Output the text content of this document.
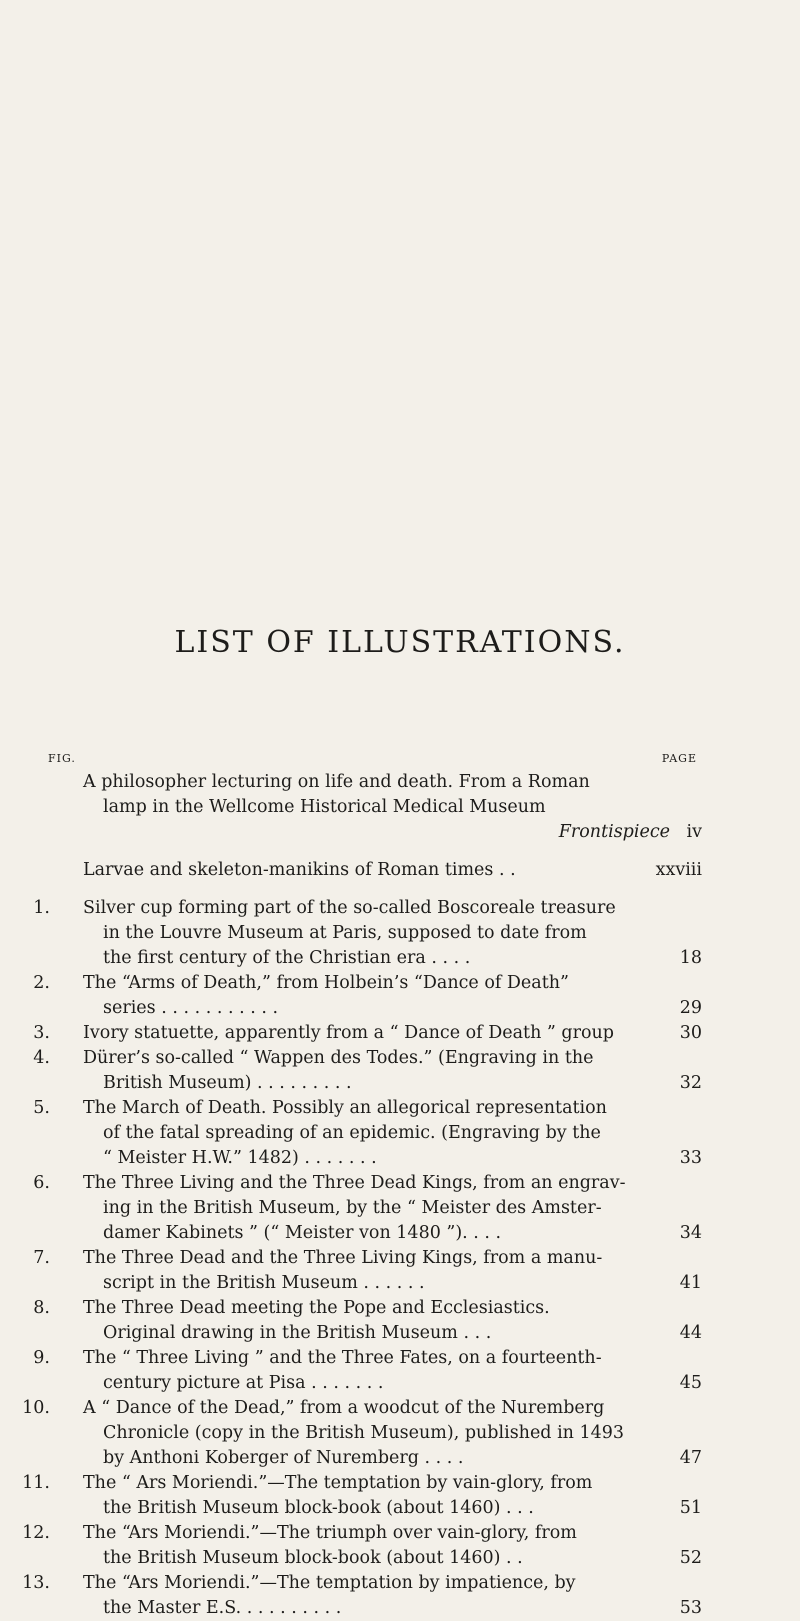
LIST OF ILLUSTRATIONS.
FIG.	PAGE
A philosopher lecturing on life and death. From a Roman
lamp in the Wellcome Historical Medical Museum
Frontispiece iv
Larvae and skeleton-manikins of Roman times . .	xxviii
1. Silver cup forming part of the so-called Boscoreale treasure
in the Louvre Museum at Paris, supposed to date from
the first century of the Christian era . . . .	18
2. The “Arms of Death,” from Holbein’s “Dance of Death”
series . . . . . . . . . . .	29
3. Ivory statuette, apparently from a “ Dance of Death ” group	30
4. Dürer’s so-called “ Wappen des Todes.” (Engraving in the
British Museum) . . . . . . . . .	32
5. The March of Death. Possibly an allegorical representation
of the fatal spreading of an epidemic. (Engraving by the
“ Meister H.W.” 1482) . . . . . . .	33
6. The Three Living and the Three Dead Kings, from an engrav-
ing in the British Museum, by the “ Meister des Amster-
damer Kabinets ” (“ Meister von 1480 ”). . . .	34
7. The Three Dead and the Three Living Kings, from a manu-
script in the British Museum . . . . . .	41
8. The Three Dead meeting the Pope and Ecclesiastics.
Original drawing in the British Museum . . .	44
9. The “ Three Living ” and the Three Fates, on a fourteenth-
century picture at Pisa . . . . . . .	45
10. A “ Dance of the Dead,” from a woodcut of the Nuremberg
Chronicle (copy in the British Museum), published in 1493
by Anthoni Koberger of Nuremberg . . . .	47
11. The “ Ars Moriendi.”—The temptation by vain-glory, from
the British Museum block-book (about 1460) . . .	51
12. The “Ars Moriendi.”—The triumph over vain-glory, from
the British Museum block-book (about 1460) . .	52
13. The “Ars Moriendi.”—The temptation by impatience, by
the Master E.S. . . . . . . . . .	53
